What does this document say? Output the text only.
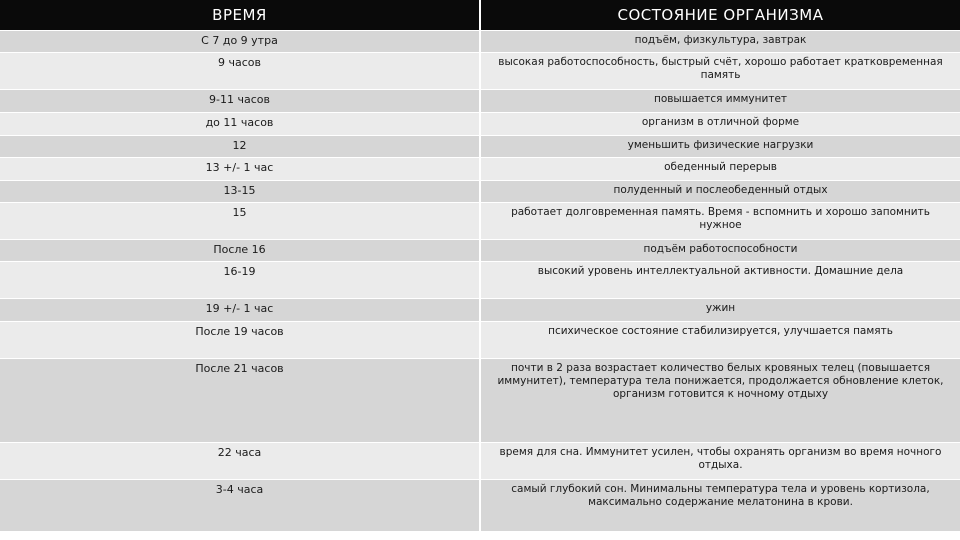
ВРЕМЯ	СОСТОЯНИЕ ОРГАНИЗМА
С 7 до 9 утра	подъём, физкультура, завтрак
9 часов	высокая работоспособность, быстрый счёт, хорошо работает кратковременная память
9-11 часов	повышается иммунитет
до 11 часов	организм в отличной форме
12	уменьшить физические нагрузки
13 +/- 1 час	обеденный перерыв
13-15	полуденный и послеобеденный отдых
15	работает долговременная память. Время - вспомнить и хорошо запомнить нужное
После 16	подъём работоспособности
16-19	высокий уровень интеллектуальной активности. Домашние дела
19 +/- 1 час	ужин
После 19 часов	психическое состояние стабилизируется, улучшается память
После 21 часов	почти в 2 раза возрастает количество белых кровяных телец (повышается иммунитет), температура тела понижается, продолжается обновление клеток, организм готовится к ночному отдыху
22 часа	время для сна. Иммунитет усилен, чтобы охранять организм во время ночного отдыха.
3-4 часа	самый глубокий сон. Минимальны температура тела и уровень кортизола, максимально содержание мелатонина в крови.
